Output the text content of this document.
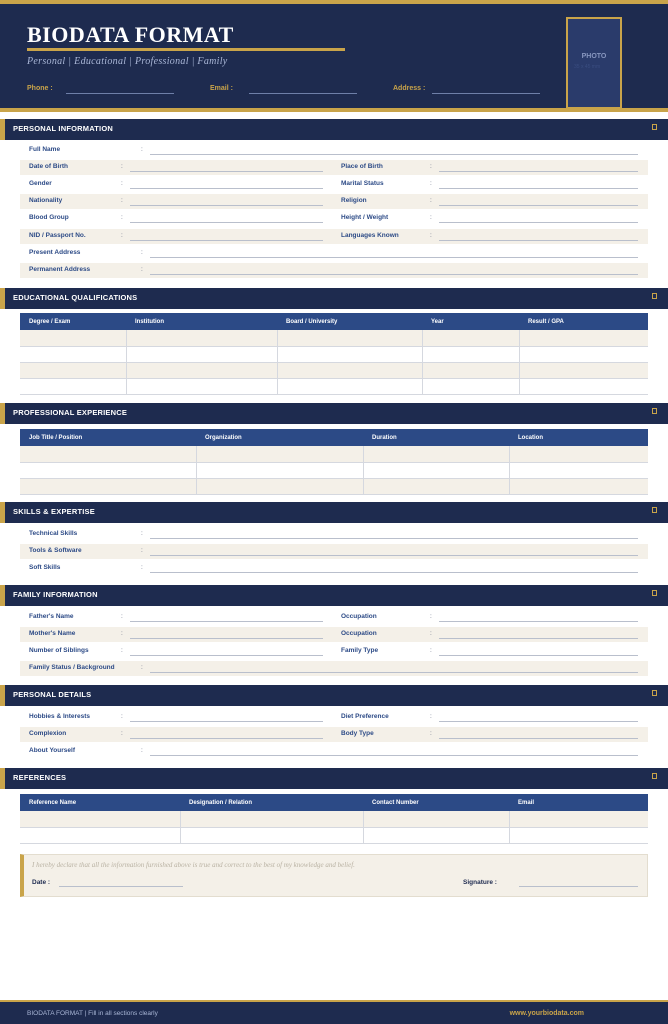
BIODATA FORMAT
Personal | Educational | Professional | Family
Phone :	Email :	Address :
PHOTO
35 x 45 mm
PERSONAL INFORMATION
Full Name	:
Date of Birth	:	Place of Birth	:
Gender	:	Marital Status	:
Nationality	:	Religion	:
Blood Group	:	Height / Weight	:
NID / Passport No.	:	Languages Known	:
Present Address	:
Permanent Address	:
EDUCATIONAL QUALIFICATIONS
Degree / Exam	Institution	Board / University	Year	Result / GPA

PROFESSIONAL EXPERIENCE
Job Title / Position	Organization	Duration	Location

SKILLS & EXPERTISE
Technical Skills	:
Tools & Software	:
Soft Skills	:
FAMILY INFORMATION
Father's Name	:	Occupation	:
Mother's Name	:	Occupation	:
Number of Siblings	:	Family Type	:
Family Status / Background	:
PERSONAL DETAILS
Hobbies & Interests	:	Diet Preference	:
Complexion	:	Body Type	:
About Yourself	:
REFERENCES
Reference Name	Designation / Relation	Contact Number	Email

I hereby declare that all the information furnished above is true and correct to the best of my knowledge and belief.
Date :	Signature :
BIODATA FORMAT | Fill in all sections clearly	www.yourbiodata.com
